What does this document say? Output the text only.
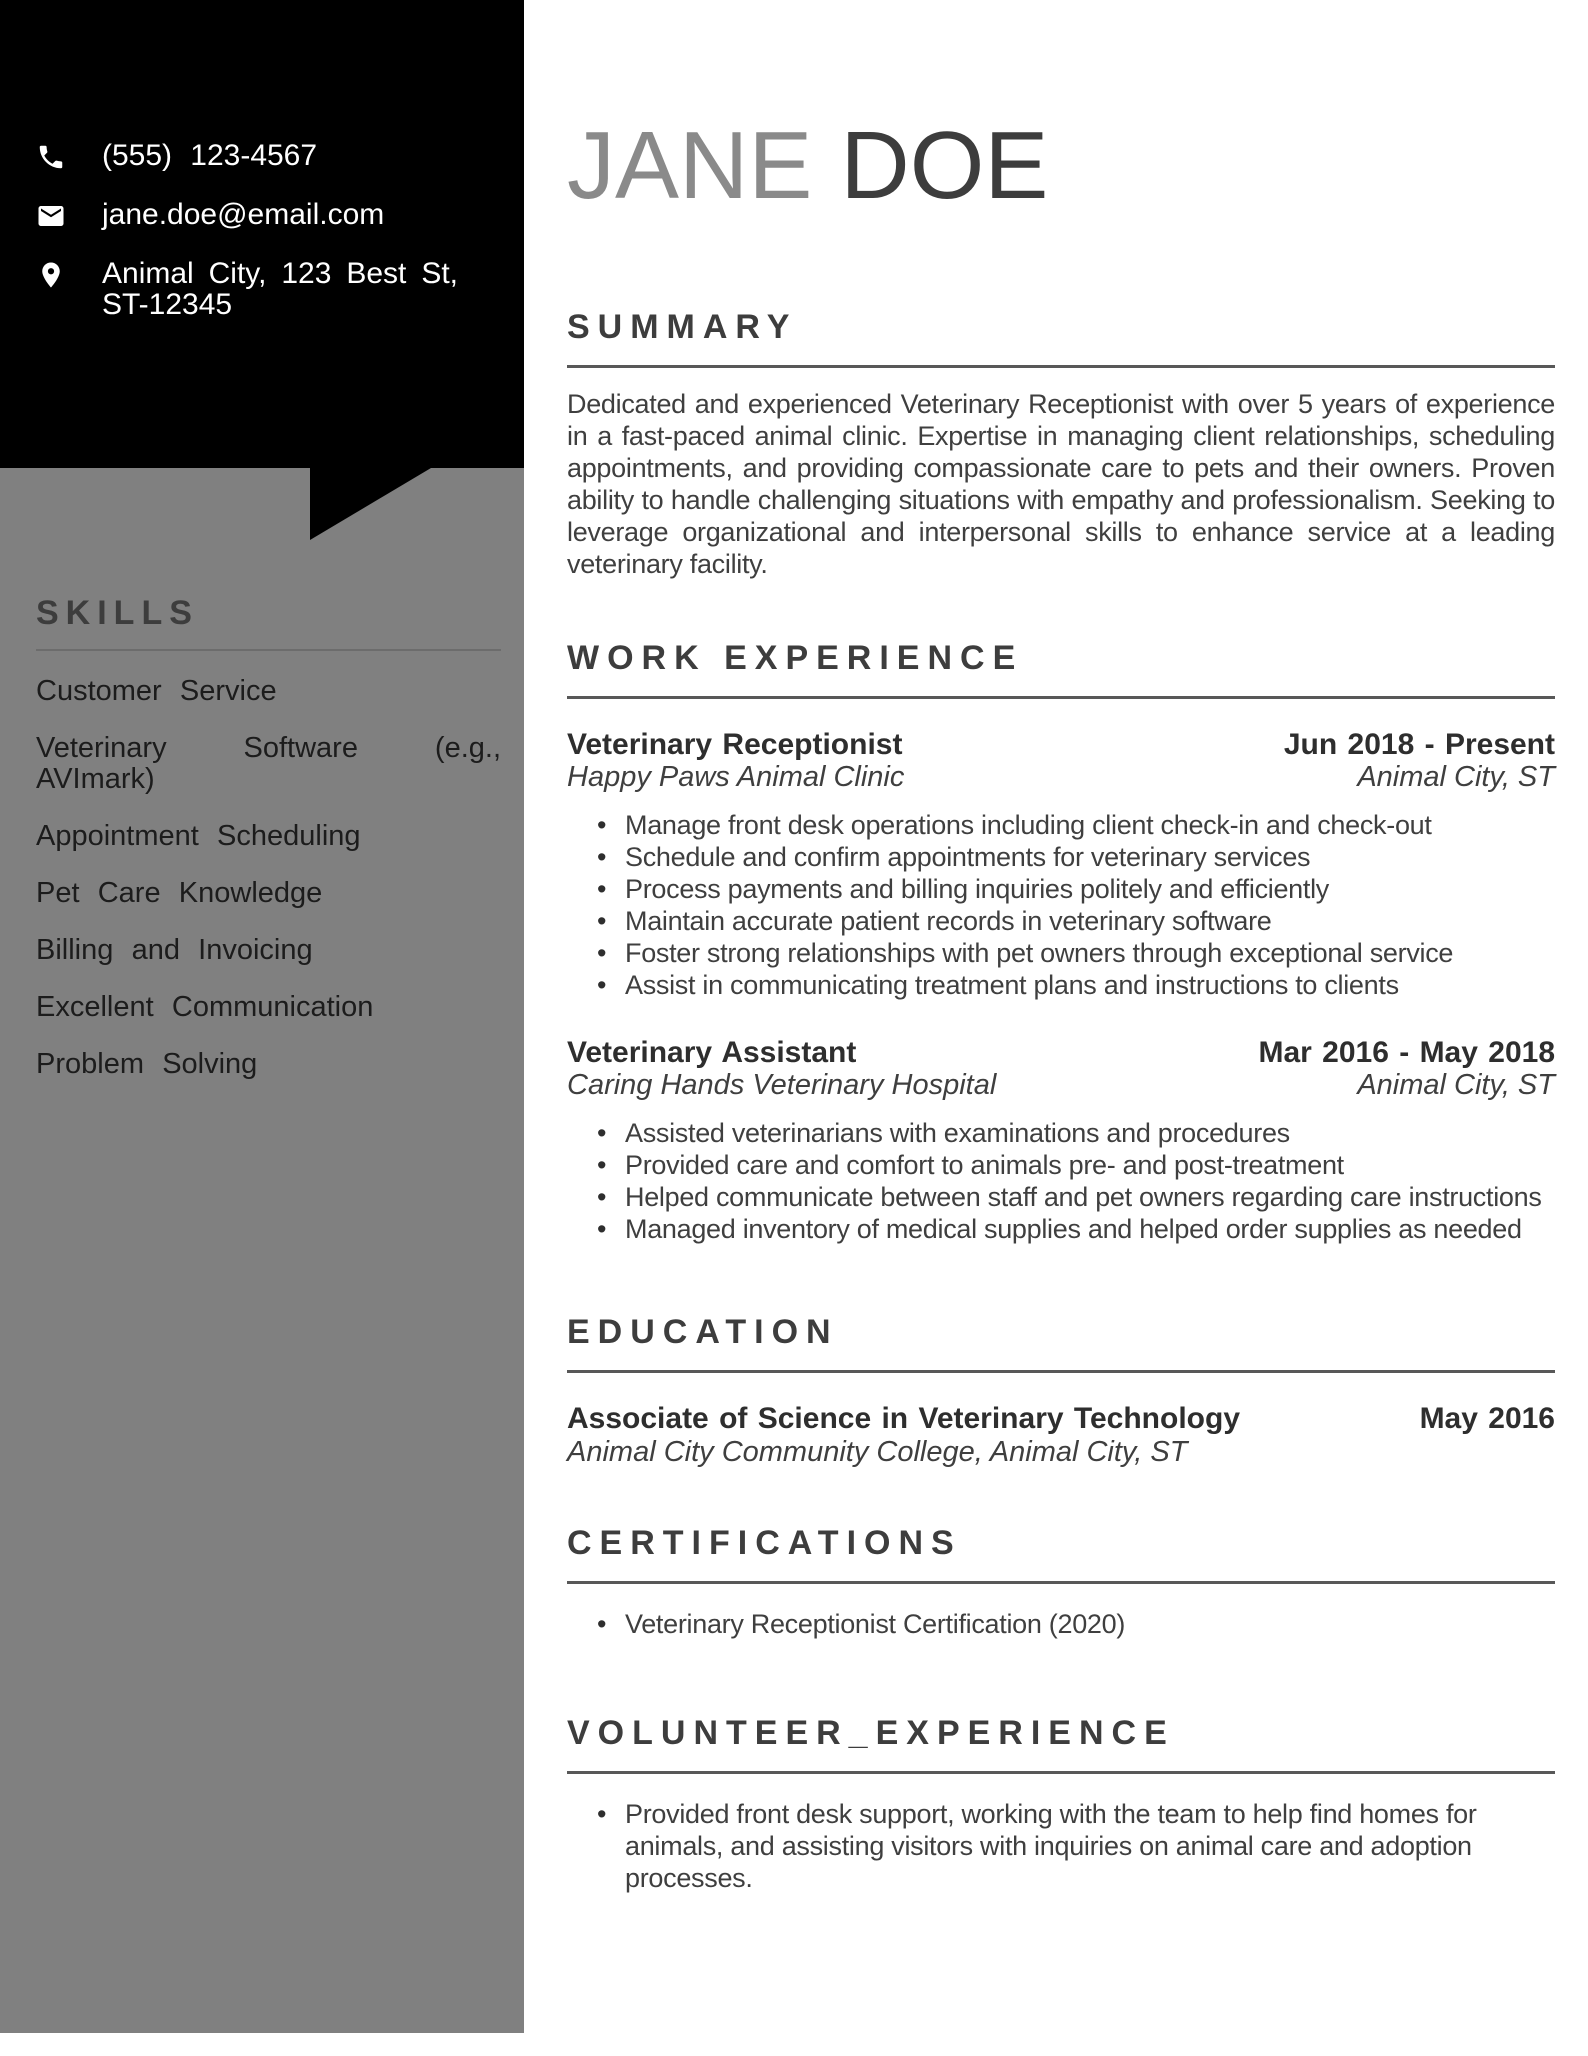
(555) 123-4567
jane.doe@email.com
Animal City, 123 Best St, ST-12345
SKILLS
Customer Service
Veterinary Software (e.g., AVImark)
Appointment Scheduling
Pet Care Knowledge
Billing and Invoicing
Excellent Communication
Problem Solving
JANE DOE
SUMMARY

Dedicated and experienced Veterinary Receptionist with over 5 years of experience in a fast-paced animal clinic. Expertise in managing client relationships, scheduling appointments, and providing compassionate care to pets and their owners. Proven ability to handle challenging situations with empathy and professionalism. Seeking to leverage organizational and interpersonal skills to enhance service at a leading veterinary facility.

WORK EXPERIENCE
Veterinary Receptionist	Jun 2018 - Present
Happy Paws Animal Clinic	Animal City, ST
• Manage front desk operations including client check-in and check-out
• Schedule and confirm appointments for veterinary services
• Process payments and billing inquiries politely and efficiently
• Maintain accurate patient records in veterinary software
• Foster strong relationships with pet owners through exceptional service
• Assist in communicating treatment plans and instructions to clients
Veterinary Assistant	Mar 2016 - May 2018
Caring Hands Veterinary Hospital	Animal City, ST
• Assisted veterinarians with examinations and procedures
• Provided care and comfort to animals pre- and post-treatment
• Helped communicate between staff and pet owners regarding care instructions
• Managed inventory of medical supplies and helped order supplies as needed
EDUCATION
Associate of Science in Veterinary Technology	May 2016
Animal City Community College, Animal City, ST
CERTIFICATIONS
• Veterinary Receptionist Certification (2020)
VOLUNTEER_EXPERIENCE
• Provided front desk support, working with the team to help find homes for animals, and assisting visitors with inquiries on animal care and adoption processes.
